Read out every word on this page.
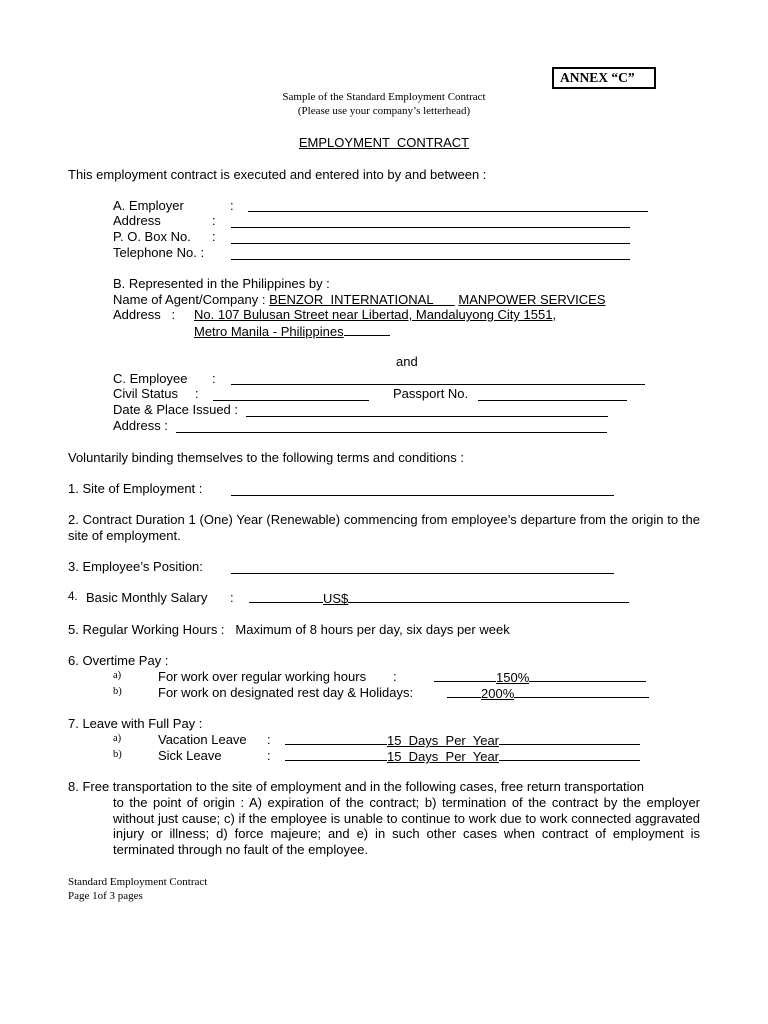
ANNEX “C”
Sample of the Standard Employment Contract
(Please use your company’s letterhead)
EMPLOYMENT  CONTRACT
This employment contract is executed and entered into by and between :
A. Employer	:
Address	:
P. O. Box No. :
Telephone No. :
B. Represented in the Philippines by :
Name of Agent/Company : BENZOR  INTERNATIONAL MANPOWER SERVICES
Address   : No. 107 Bulusan Street near Libertad, Mandaluyong City 1551,
Metro Manila - Philippines
and
C. Employee :
Civil Status :	Passport No.
Date & Place Issued :
Address :
Voluntarily binding themselves to the following terms and conditions :
1. Site of Employment :
2. Contract Duration 1 (One) Year (Renewable) commencing from employee’s departure from the origin to the site of employment.
3. Employee’s Position:
4. Basic Monthly Salary :	US$
5. Regular Working Hours :   Maximum of 8 hours per day, six days per week
6. Overtime Pay :
a)	For work over regular working hours :	150%
b)	For work on designated rest day & Holidays:	200%
7. Leave with Full Pay :
a)	Vacation Leave :	15  Days  Per  Year
b)	Sick Leave	:	15  Days  Per  Year
8. Free transportation to the site of employment and in the following cases, free return transportation
to the point of origin : A) expiration of the contract; b) termination of the contract by the employer without just cause; c) if the employee is unable to continue to work due to work connected aggravated injury or illness; d) force majeure; and e) in such other cases when contract of employment is terminated through no fault of the employee.
Standard Employment Contract
Page 1of 3 pages
